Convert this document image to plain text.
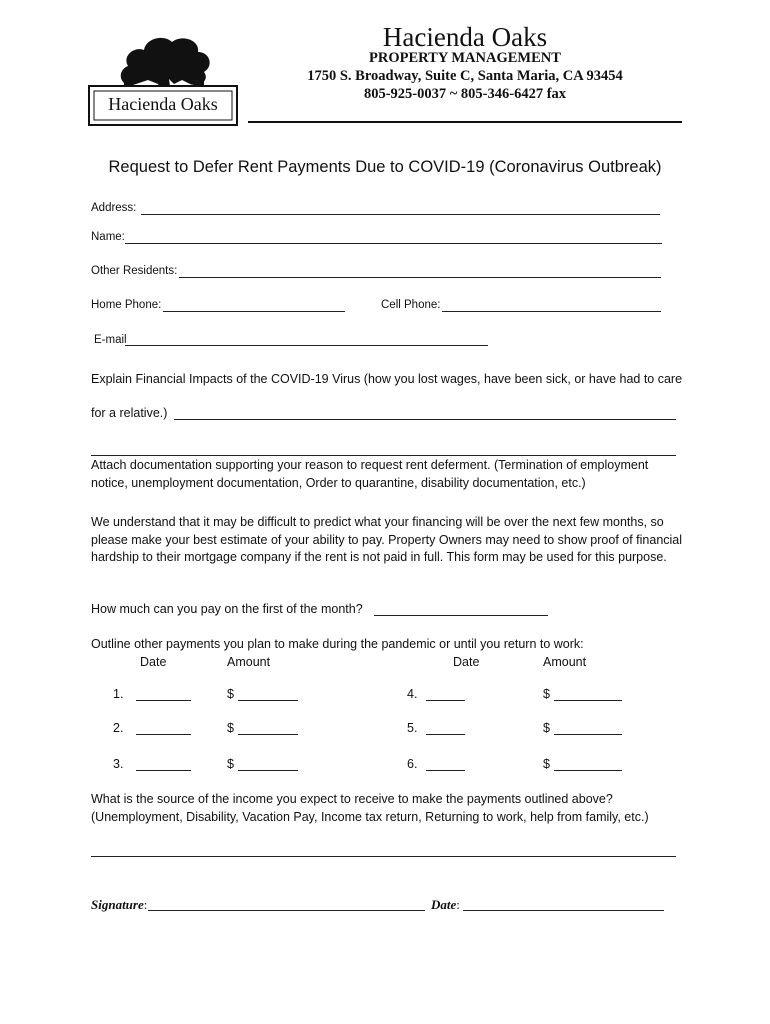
Hacienda Oaks
Hacienda Oaks
PROPERTY MANAGEMENT
1750 S. Broadway, Suite C, Santa Maria, CA 93454
805-925-0037 ~ 805-346-6427 fax
Request to Defer Rent Payments Due to COVID-19 (Coronavirus Outbreak)
Address:
Name:
Other Residents:
Home Phone:	Cell Phone:
E-mail
Explain Financial Impacts of the COVID-19 Virus (how you lost wages, have been sick, or have had to care
for a relative.)
Attach documentation supporting your reason to request rent deferment. (Termination of employment notice, unemployment documentation, Order to quarantine, disability documentation, etc.)
We understand that it may be difficult to predict what your financing will be over the next few months, so please make your best estimate of your ability to pay. Property Owners may need to show proof of financial hardship to their mortgage company if the rent is not paid in full. This form may be used for this purpose.
How much can you pay on the first of the month?
Outline other payments you plan to make during the pandemic or until you return to work:
Date	Amount	Date	Amount
1.	$	4.	$
2.	$	5.	$
3.	$	6.	$
What is the source of the income you expect to receive to make the payments outlined above? (Unemployment, Disability, Vacation Pay, Income tax return, Returning to work, help from family, etc.)
Signature:	Date:
